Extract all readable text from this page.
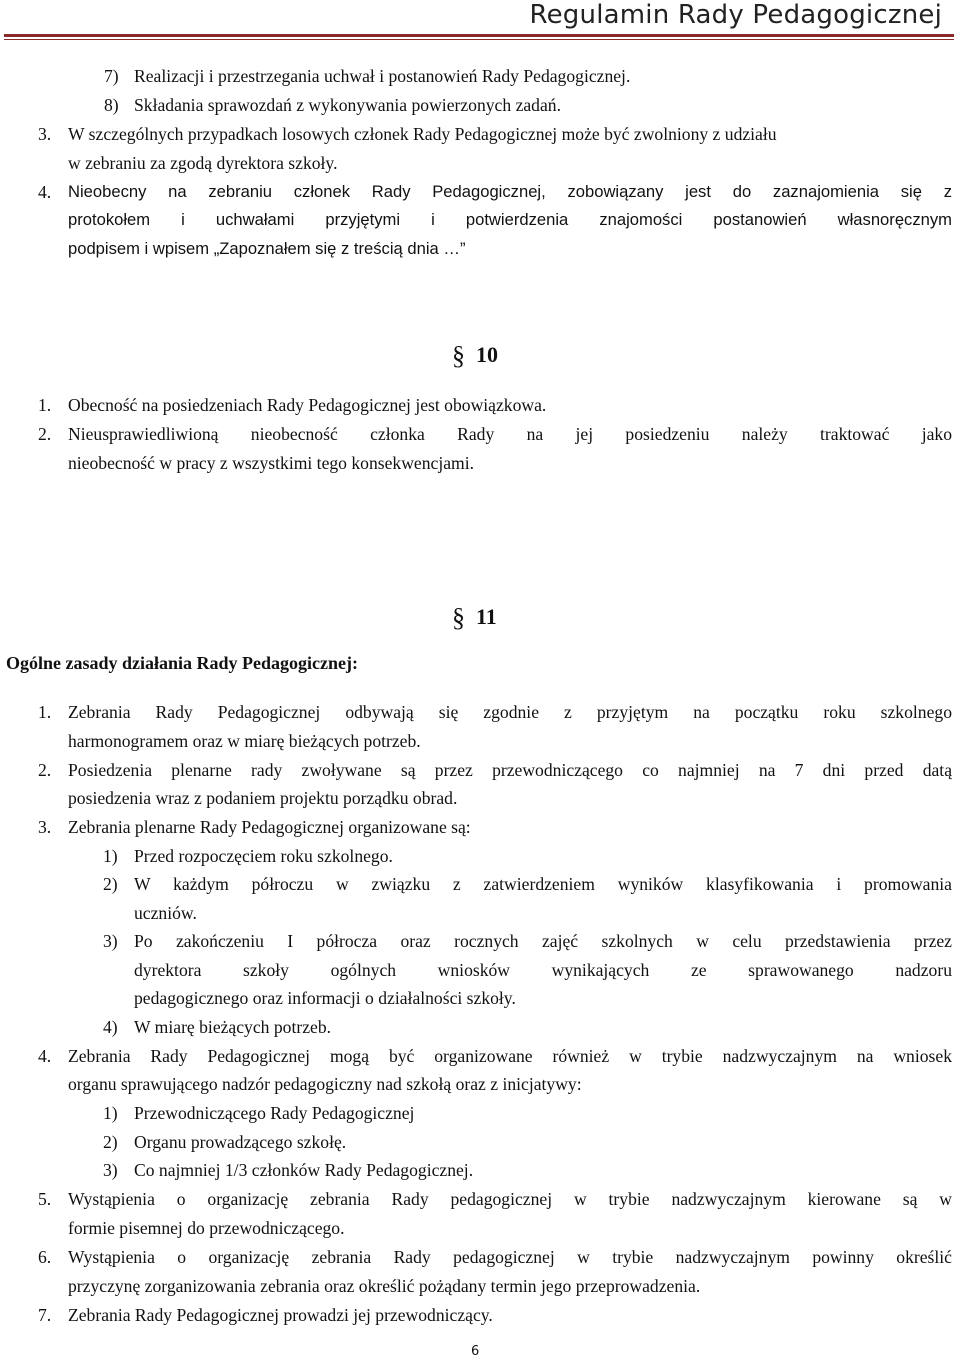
Regulamin Rady Pedagogicznej
7) Realizacji i przestrzegania uchwał i postanowień Rady Pedagogicznej.
8) Składania sprawozdań z wykonywania powierzonych zadań.
3. W szczególnych przypadkach losowych członek Rady Pedagogicznej może być zwolniony z udziału
w zebraniu za zgodą dyrektora szkoły.
4. Nieobecny na zebraniu członek Rady Pedagogicznej, zobowiązany jest do zaznajomienia się z
protokołem i uchwałami przyjętymi i potwierdzenia znajomości postanowień własnoręcznym
podpisem i wpisem „Zapoznałem się z treścią dnia …”
§ 10
1. Obecność na posiedzeniach Rady Pedagogicznej jest obowiązkowa.
2. Nieusprawiedliwioną nieobecność członka Rady na jej posiedzeniu należy traktować jako
nieobecność w pracy z wszystkimi tego konsekwencjami.
§ 11
Ogólne zasady działania Rady Pedagogicznej:
1. Zebrania Rady Pedagogicznej odbywają się zgodnie z przyjętym na początku roku szkolnego
harmonogramem oraz w miarę bieżących potrzeb.
2. Posiedzenia plenarne rady zwoływane są przez przewodniczącego co najmniej na 7 dni przed datą
posiedzenia wraz z podaniem projektu porządku obrad.
3. Zebrania plenarne Rady Pedagogicznej organizowane są:
1) Przed rozpoczęciem roku szkolnego.
2) W każdym półroczu w związku z zatwierdzeniem wyników klasyfikowania i promowania
uczniów.
3) Po zakończeniu I półrocza oraz rocznych zajęć szkolnych w celu przedstawienia przez
dyrektora szkoły ogólnych wniosków wynikających ze sprawowanego nadzoru
pedagogicznego oraz informacji o działalności szkoły.
4) W miarę bieżących potrzeb.
4. Zebrania Rady Pedagogicznej mogą być organizowane również w trybie nadzwyczajnym na wniosek
organu sprawującego nadzór pedagogiczny nad szkołą oraz z inicjatywy:
1) Przewodniczącego Rady Pedagogicznej
2) Organu prowadzącego szkołę.
3) Co najmniej 1/3 członków Rady Pedagogicznej.
5. Wystąpienia o organizację zebrania Rady pedagogicznej w trybie nadzwyczajnym kierowane są w
formie pisemnej do przewodniczącego.
6. Wystąpienia o organizację zebrania Rady pedagogicznej w trybie nadzwyczajnym powinny określić
przyczynę zorganizowania zebrania oraz określić pożądany termin jego przeprowadzenia.
7. Zebrania Rady Pedagogicznej prowadzi jej przewodniczący.
6
